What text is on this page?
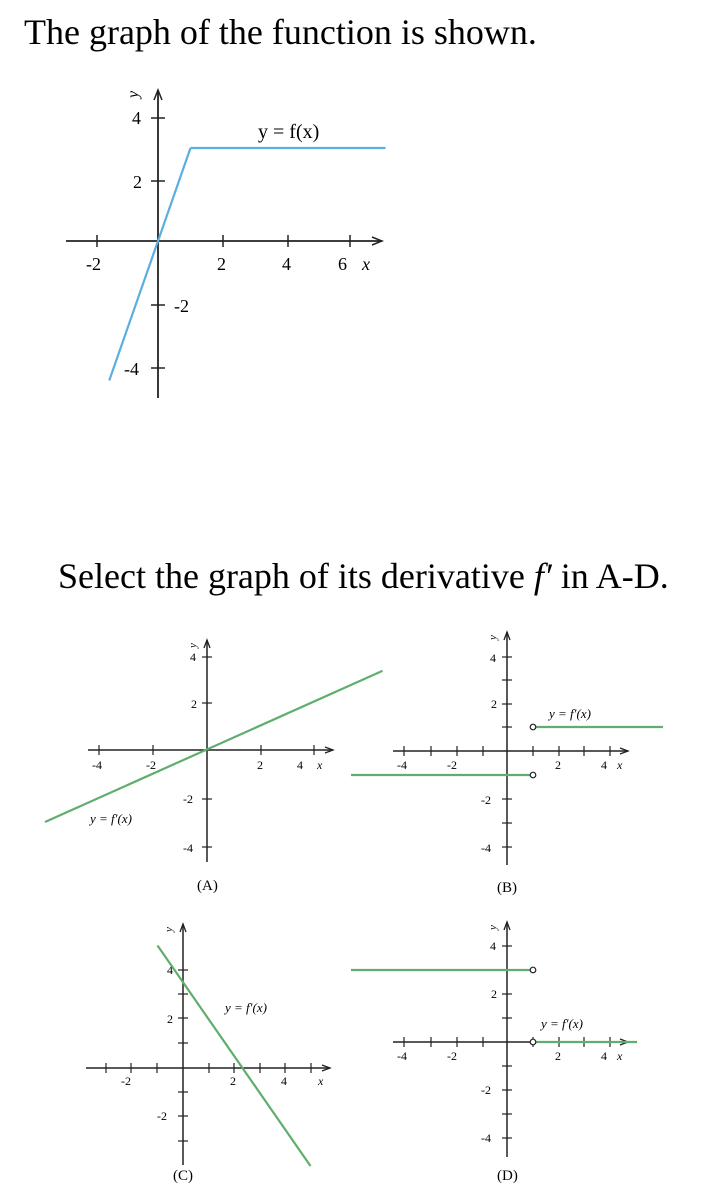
The graph of the function is shown.
Select the graph of its derivative f′ in A-D.
-2	2	4	6 x
y
4
2
-2
-4
y = f(x)
-4	-2	2	4 x
y
4
2
-2
-4
y = f′(x)
(A)
-4	-2	2	4 x
y
4
2
-2
-4
y = f′(x)
(B)
-2	2	4	x
y
4
2
-2
y = f′(x)
(C)
-4	-2	2	4 x
y
4
2
-2
-4
y = f′(x)
(D)
